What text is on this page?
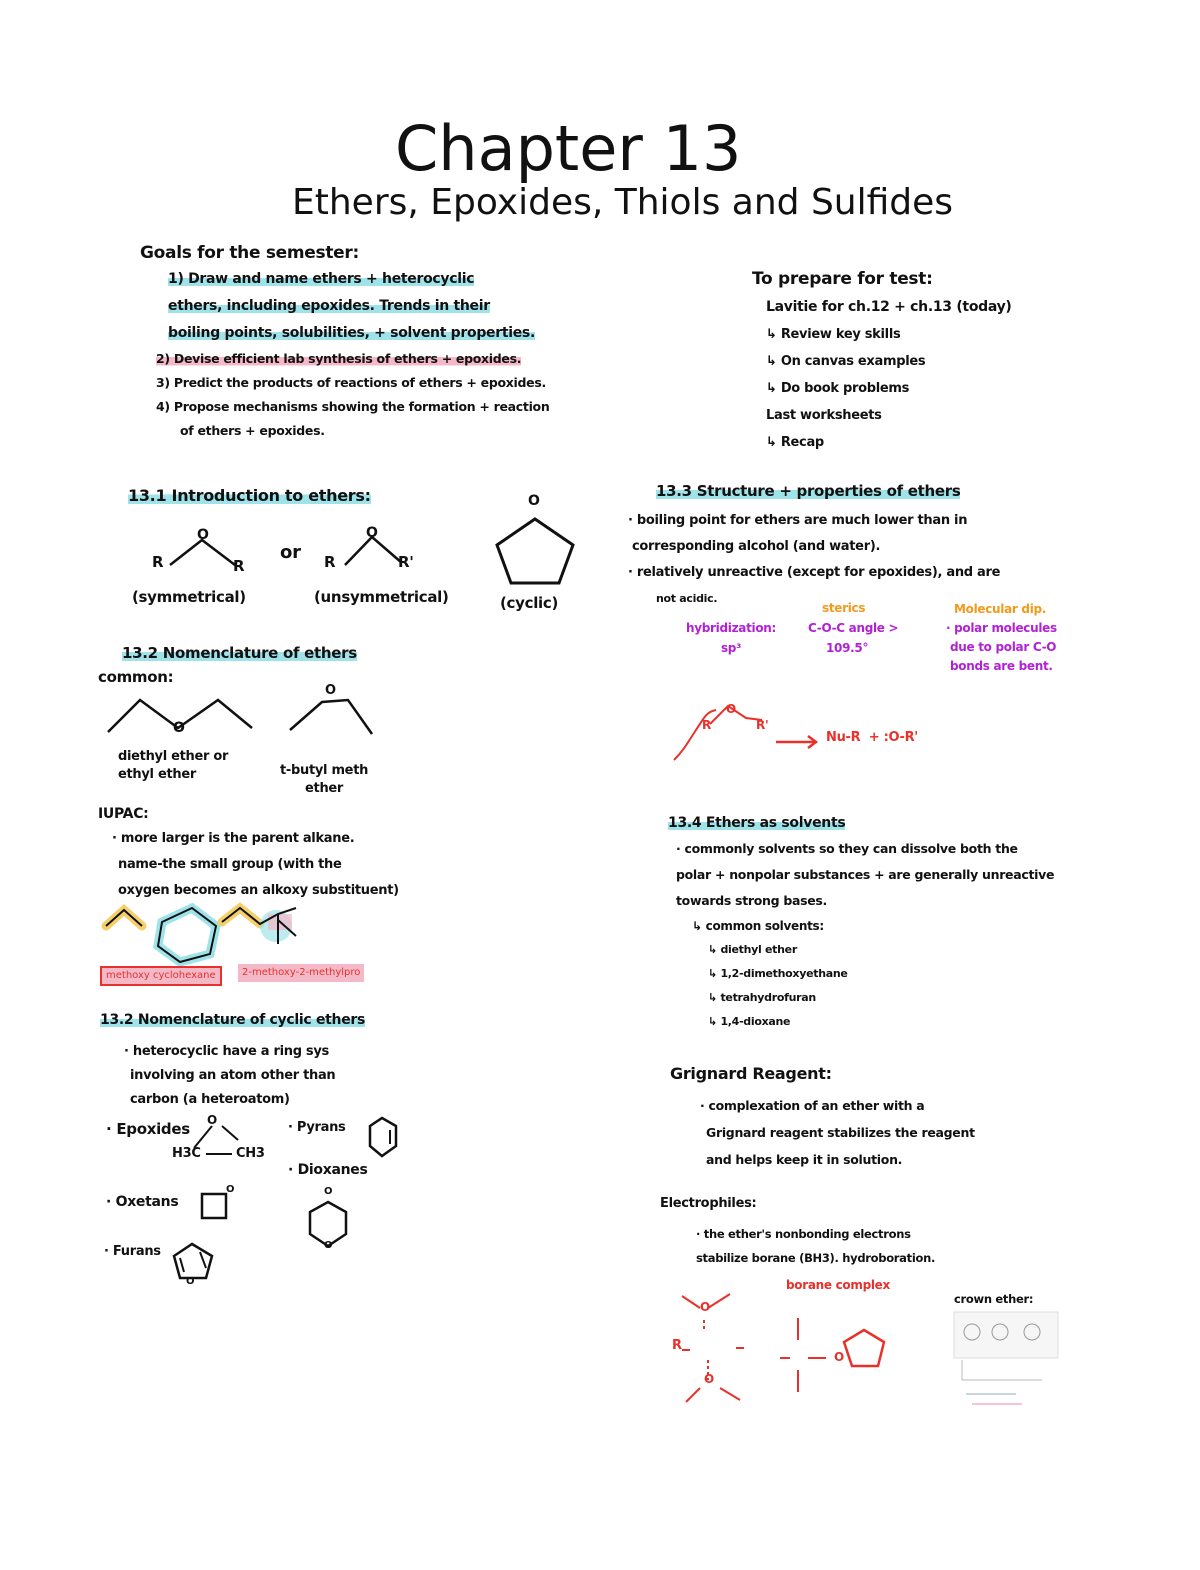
Chapter 13
Ethers, Epoxides, Thiols and Sulfides
Goals for the semester:
1) Draw and name ethers + heterocyclic
ethers, including epoxides. Trends in their
boiling points, solubilities, + solvent properties.
2) Devise efficient lab synthesis of ethers + epoxides.
3) Predict the products of reactions of ethers + epoxides.
4) Propose mechanisms showing the formation + reaction
of ethers + epoxides.
To prepare for test:
Lavitie for ch.12 + ch.13 (today)
↳ Review key skills
↳ On canvas examples
↳ Do book problems
Last worksheets
↳ Recap
13.1 Introduction to ethers:
O
R	R
or
O
R	R'
(symmetrical)	(unsymmetrical)
O
(cyclic)
13.2 Nomenclature of ethers
common:
O
O
diethyl ether or
ethyl ether	t-butyl meth
ether
IUPAC:
· more larger is the parent alkane.
name-the small group (with the
oxygen becomes an alkoxy substituent)
methoxy cyclohexane	2-methoxy-2-methylpro
13.2 Nomenclature of cyclic ethers
· heterocyclic have a ring sys
involving an atom other than
carbon (a heteroatom)
· Epoxides O
H3C	CH3
· Oxetans
O
· Furans
O
· Pyrans
· Dioxanes
O
O
13.3 Structure + properties of ethers
· boiling point for ethers are much lower than in
corresponding alcohol (and water).
· relatively unreactive (except for epoxides), and are
not acidic.
hybridization:
sp³
sterics
C-O-C angle >
109.5°
Molecular dip.
· polar molecules
due to polar C-O
bonds are bent.
R
O
R'
Nu-R  + :O-R'
13.4 Ethers as solvents
· commonly solvents so they can dissolve both the
polar + nonpolar substances + are generally unreactive
towards strong bases.
↳ common solvents:
↳ diethyl ether
↳ 1,2-dimethoxyethane
↳ tetrahydrofuran
↳ 1,4-dioxane
Grignard Reagent:
· complexation of an ether with a
Grignard reagent stabilizes the reagent
and helps keep it in solution.
Electrophiles:
· the ether's nonbonding electrons
stabilize borane (BH3). hydroboration.
O
R
O
borane complex
O
crown ether:
